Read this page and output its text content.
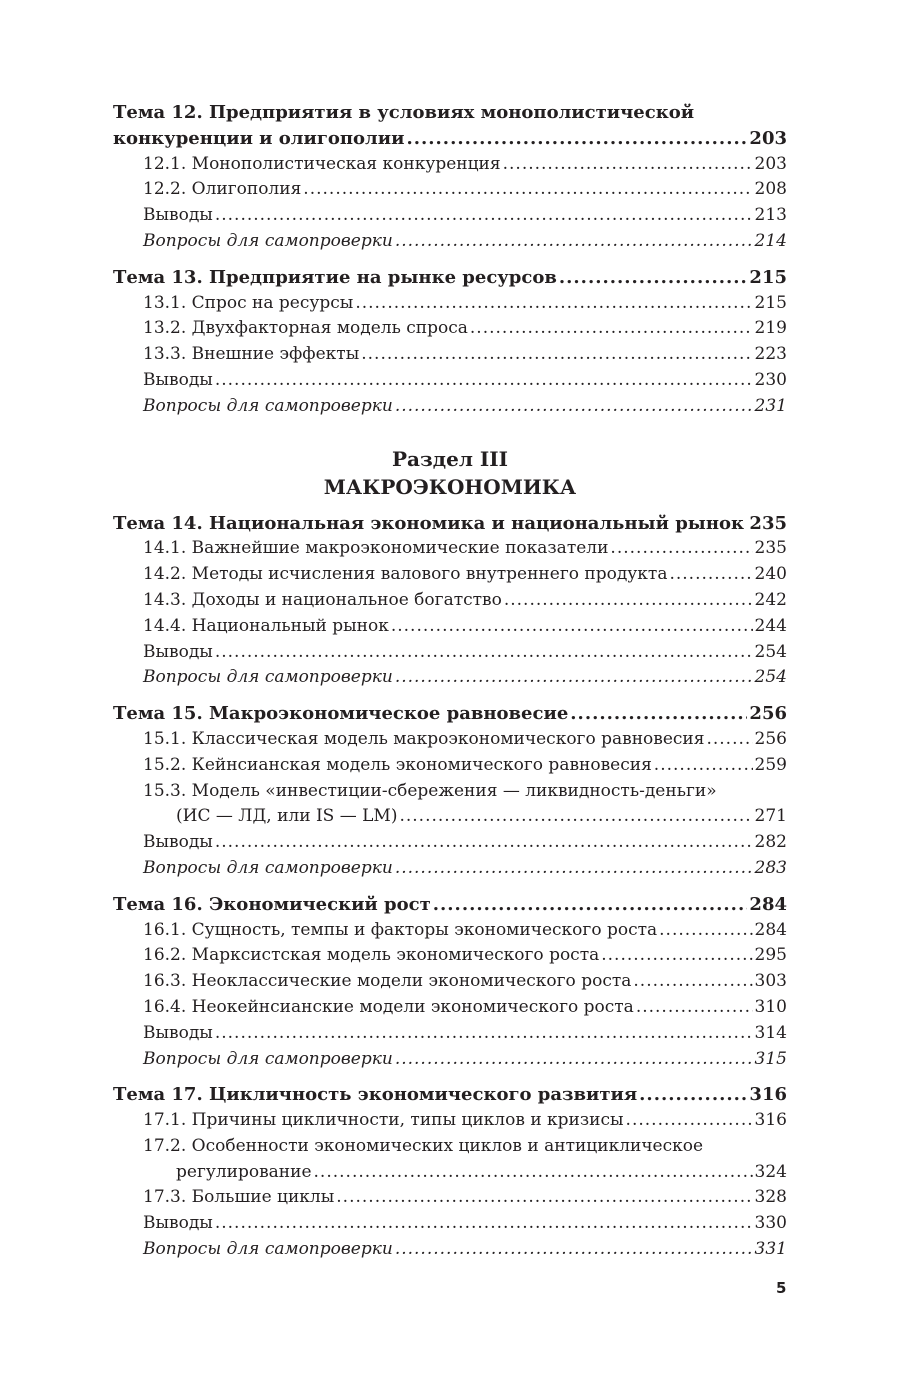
Тема 12. Предприятия в условиях монополистической
конкуренции и олигополии .....	203
12.1. Монополистическая конкуренция .....	203
12.2. Олигополия .....	208
Выводы .....	213
Вопросы для самопроверки .....	214
Тема 13. Предприятие на рынке ресурсов .....	215
13.1. Спрос на ресурсы .....	215
13.2. Двухфакторная модель спроса .....	219
13.3. Внешние эффекты .....	223
Выводы .....	230
Вопросы для самопроверки .....	231
Раздел III
МАКРОЭКОНОМИКА
Тема 14. Национальная экономика и национальный рынок ..... 235
14.1. Важнейшие макроэкономические показатели .....	235
14.2. Методы исчисления валового внутреннего продукта .....	240
14.3. Доходы и национальное богатство .....	242
14.4. Национальный рынок .....	244
Выводы .....	254
Вопросы для самопроверки .....	254
Тема 15. Макроэкономическое равновесие .....	256
15.1. Классическая модель макроэкономического равновесия .....	256
15.2. Кейнсианская модель экономического равновесия .....	259
15.3. Модель «инвестиции-сбережения — ликвидность-деньги»
(ИС — ЛД, или IS — LM) .....	271
Выводы .....	282
Вопросы для самопроверки .....	283
Тема 16. Экономический рост .....	284
16.1. Сущность, темпы и факторы экономического роста .....	284
16.2. Марксистская модель экономического роста .....	295
16.3. Неоклассические модели экономического роста .....	303
16.4. Неокейнсианские модели экономического роста .....	310
Выводы .....	314
Вопросы для самопроверки .....	315
Тема 17. Цикличность экономического развития .....	316
17.1. Причины цикличности, типы циклов и кризисы .....	316
17.2. Особенности экономических циклов и антициклическое
регулирование .....	324
17.3. Большие циклы .....	328
Выводы .....	330
Вопросы для самопроверки .....	331
5
